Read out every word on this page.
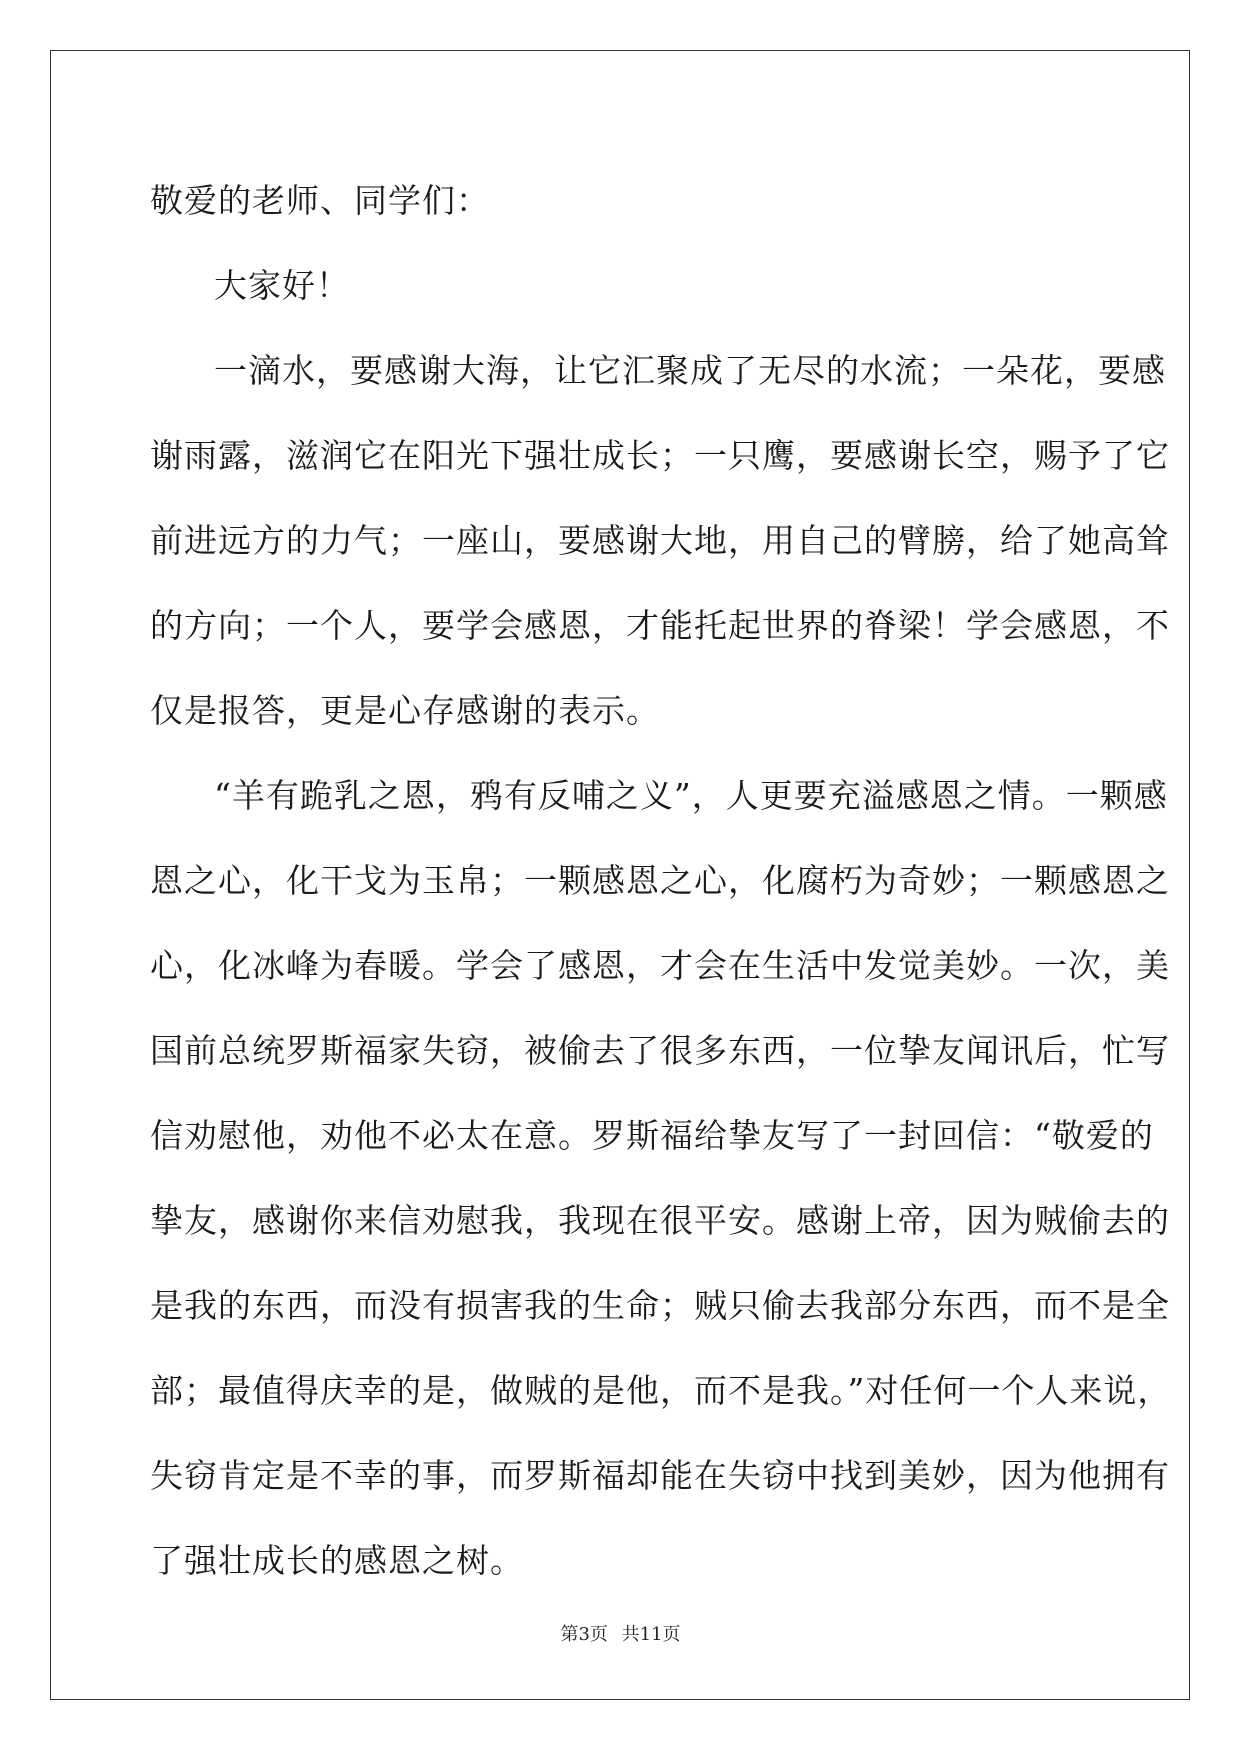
敬爱的老师、同学们：
大家好！
一滴水，要感谢大海，让它汇聚成了无尽的水流；一朵花，要感
谢雨露，滋润它在阳光下强壮成长；一只鹰，要感谢长空，赐予了它
前进远方的力气；一座山，要感谢大地，用自己的臂膀，给了她高耸
的方向；一个人，要学会感恩，才能托起世界的脊梁！学会感恩，不
仅是报答，更是心存感谢的表示。
“羊有跪乳之恩，鸦有反哺之义”，人更要充溢感恩之情。一颗感
恩之心，化干戈为玉帛；一颗感恩之心，化腐朽为奇妙；一颗感恩之
心，化冰峰为春暖。学会了感恩，才会在生活中发觉美妙。一次，美
国前总统罗斯福家失窃，被偷去了很多东西，一位挚友闻讯后，忙写
信劝慰他，劝他不必太在意。罗斯福给挚友写了一封回信：“敬爱的
挚友，感谢你来信劝慰我，我现在很平安。感谢上帝，因为贼偷去的
是我的东西，而没有损害我的生命；贼只偷去我部分东西，而不是全
部；最值得庆幸的是，做贼的是他，而不是我。”对任何一个人来说，
失窃肯定是不幸的事，而罗斯福却能在失窃中找到美妙，因为他拥有
了强壮成长的感恩之树。
第3页 共11页
